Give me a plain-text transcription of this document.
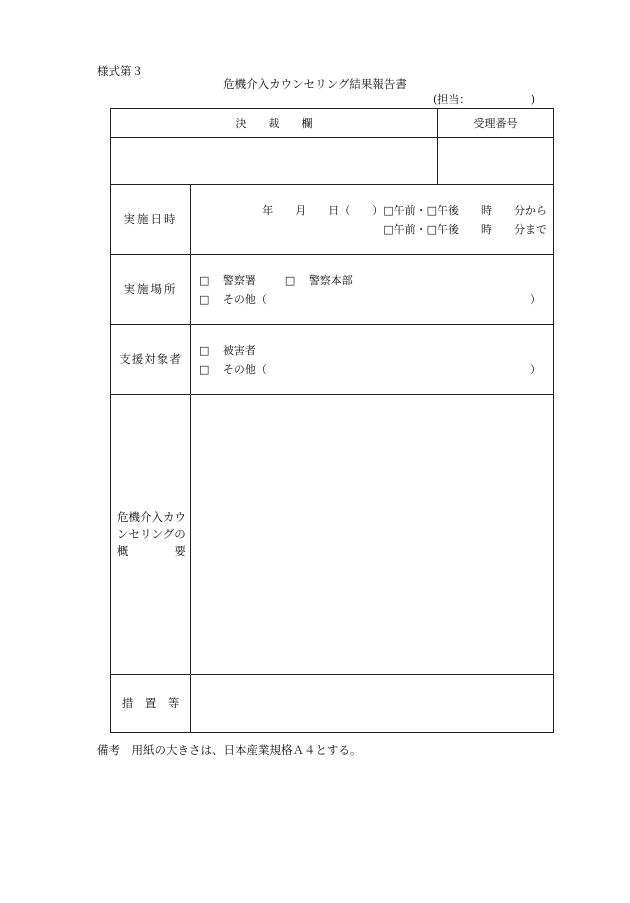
様式第３
危機介入カウンセリング結果報告書
(担当：　　　　　　)
決　　裁　　欄	受理番号

実施日時	年　　月　　日（　　）□午前・□午後　　時　　分から
□午前・□午後　　時　　分まで

実施場所	□ 警察署 □ 警察本部
□ その他（ ）

支援対象者	□ 被害者
□ その他（ ）

危機介入カウ
ンセリングの
概　　　　要	

措　置　等	
備考　用紙の大きさは、日本産業規格Ａ４とする。
